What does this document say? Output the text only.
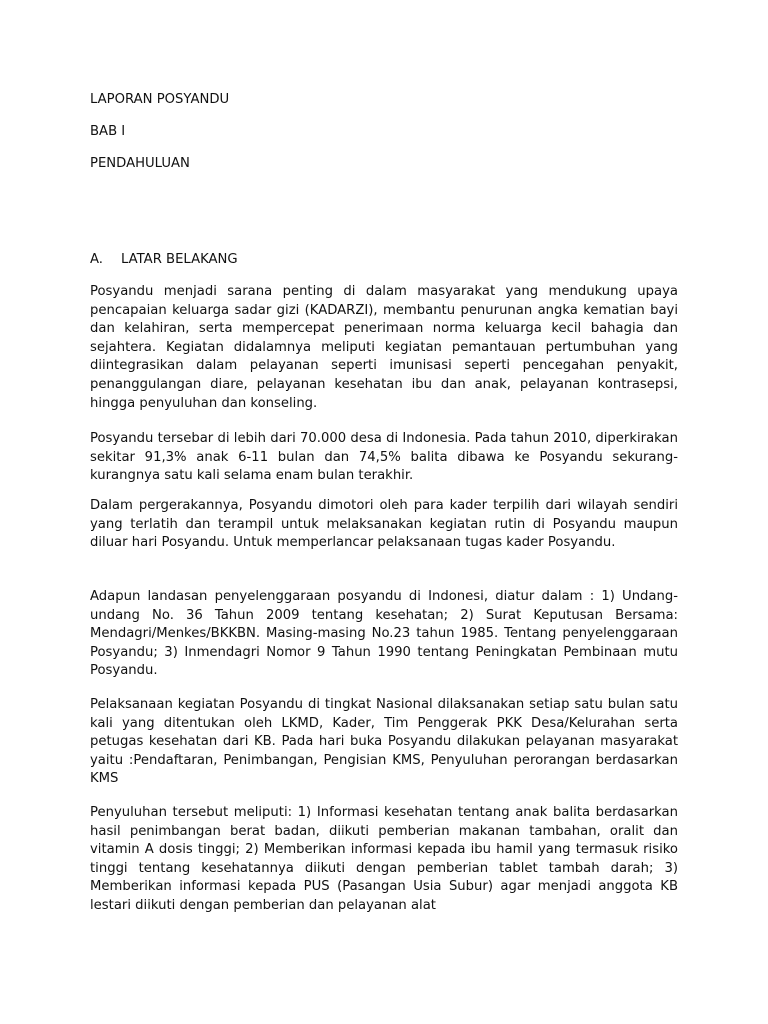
LAPORAN POSYANDU
BAB I
PENDAHULUAN
A. LATAR BELAKANG

Posyandu menjadi sarana penting di dalam masyarakat yang mendukung upaya pencapaian keluarga sadar gizi (KADARZI), membantu penurunan angka kematian bayi dan kelahiran, serta mempercepat penerimaan norma keluarga kecil bahagia dan sejahtera. Kegiatan didalamnya meliputi kegiatan pemantauan pertumbuhan yang diintegrasikan dalam pelayanan seperti imunisasi seperti pencegahan penyakit, penanggulangan diare, pelayanan kesehatan ibu dan anak, pelayanan kontrasepsi, hingga penyuluhan dan konseling.

Posyandu tersebar di lebih dari 70.000 desa di Indonesia. Pada tahun 2010, diperkirakan sekitar 91,3% anak 6-11 bulan dan 74,5% balita dibawa ke Posyandu sekurang-kurangnya satu kali selama enam bulan terakhir.

Dalam pergerakannya, Posyandu dimotori oleh para kader terpilih dari wilayah sendiri yang terlatih dan terampil untuk melaksanakan kegiatan rutin di Posyandu maupun diluar hari Posyandu. Untuk memperlancar pelaksanaan tugas kader Posyandu.

Adapun landasan penyelenggaraan posyandu di Indonesi, diatur dalam : 1) Undang-undang No. 36 Tahun 2009 tentang kesehatan; 2) Surat Keputusan Bersama: Mendagri/Menkes/BKKBN. Masing-masing No.23 tahun 1985. Tentang penyelenggaraan Posyandu; 3) Inmendagri Nomor 9 Tahun 1990 tentang Peningkatan Pembinaan mutu Posyandu.

Pelaksanaan kegiatan Posyandu di tingkat Nasional dilaksanakan setiap satu bulan satu kali yang ditentukan oleh LKMD, Kader, Tim Penggerak PKK Desa/Kelurahan serta petugas kesehatan dari KB. Pada hari buka Posyandu dilakukan pelayanan masyarakat yaitu :Pendaftaran, Penimbangan, Pengisian KMS, Penyuluhan perorangan berdasarkan KMS

Penyuluhan tersebut meliputi: 1) Informasi kesehatan tentang anak balita berdasarkan hasil penimbangan berat badan, diikuti pemberian makanan tambahan, oralit dan vitamin A dosis tinggi; 2) Memberikan informasi kepada ibu hamil yang termasuk risiko tinggi tentang kesehatannya diikuti dengan pemberian tablet tambah darah; 3) Memberikan informasi kepada PUS (Pasangan Usia Subur) agar menjadi anggota KB lestari diikuti dengan pemberian dan pelayanan alat
